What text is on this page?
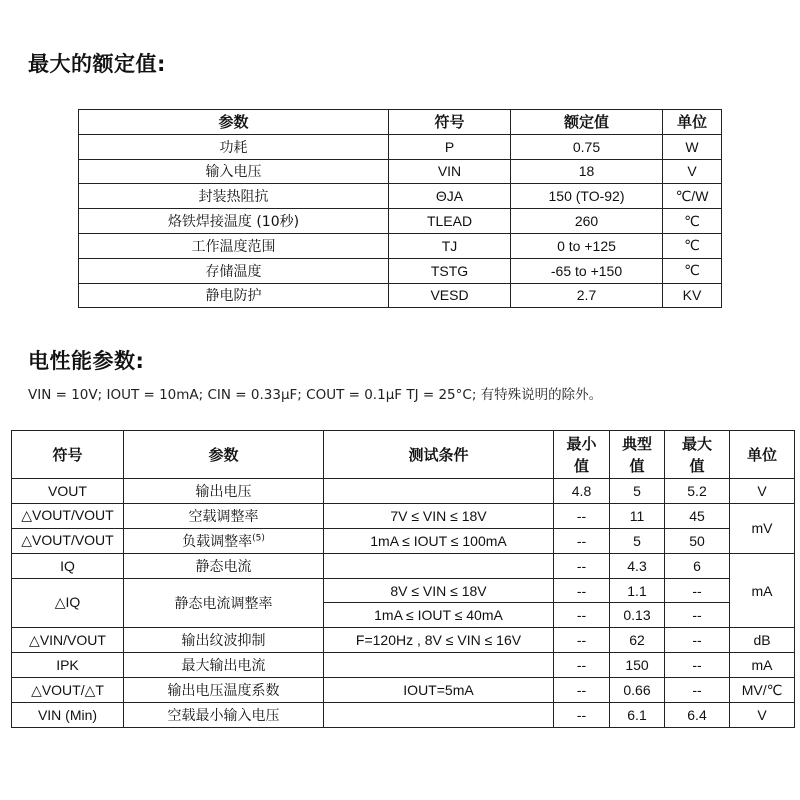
最大的额定值:
参数	符号	额定值	单位
功耗	P	0.75	W
输入电压	VIN	18	V
封装热阻抗	ΘJA	150 (TO-92)	℃/W
烙铁焊接温度 (10秒)	TLEAD	260	℃
工作温度范围	TJ	0 to +125	℃
存储温度	TSTG	-65 to +150	℃
静电防护	VESD	2.7	KV
电性能参数:
VIN = 10V; IOUT = 10mA; CIN = 0.33μF; COUT = 0.1μF TJ = 25°C; 有特殊说明的除外。
符号	参数	测试条件	最小值	典型值	最大值	单位
VOUT	输出电压		4.8	5	5.2	V
△VOUT/VOUT	空载调整率	7V ≤ VIN ≤ 18V	--	11	45	mV
△VOUT/VOUT	负载调整率$^{(5)}$	1mA ≤ IOUT ≤ 100mA	--	5	50	
IQ	静态电流		--	4.3	6	mA
△IQ	静态电流调整率	8V ≤ VIN ≤ 18V	--	1.1	--	
		1mA ≤ IOUT ≤ 40mA	--	0.13	--	
△VIN/VOUT	输出纹波抑制	F=120Hz , 8V ≤ VIN ≤ 16V	--	62	--	dB
IPK	最大输出电流		--	150	--	mA
△VOUT/△T	输出电压温度系数	IOUT=5mA	--	0.66	--	MV/℃
VIN (Min)	空载最小输入电压		--	6.1	6.4	V
